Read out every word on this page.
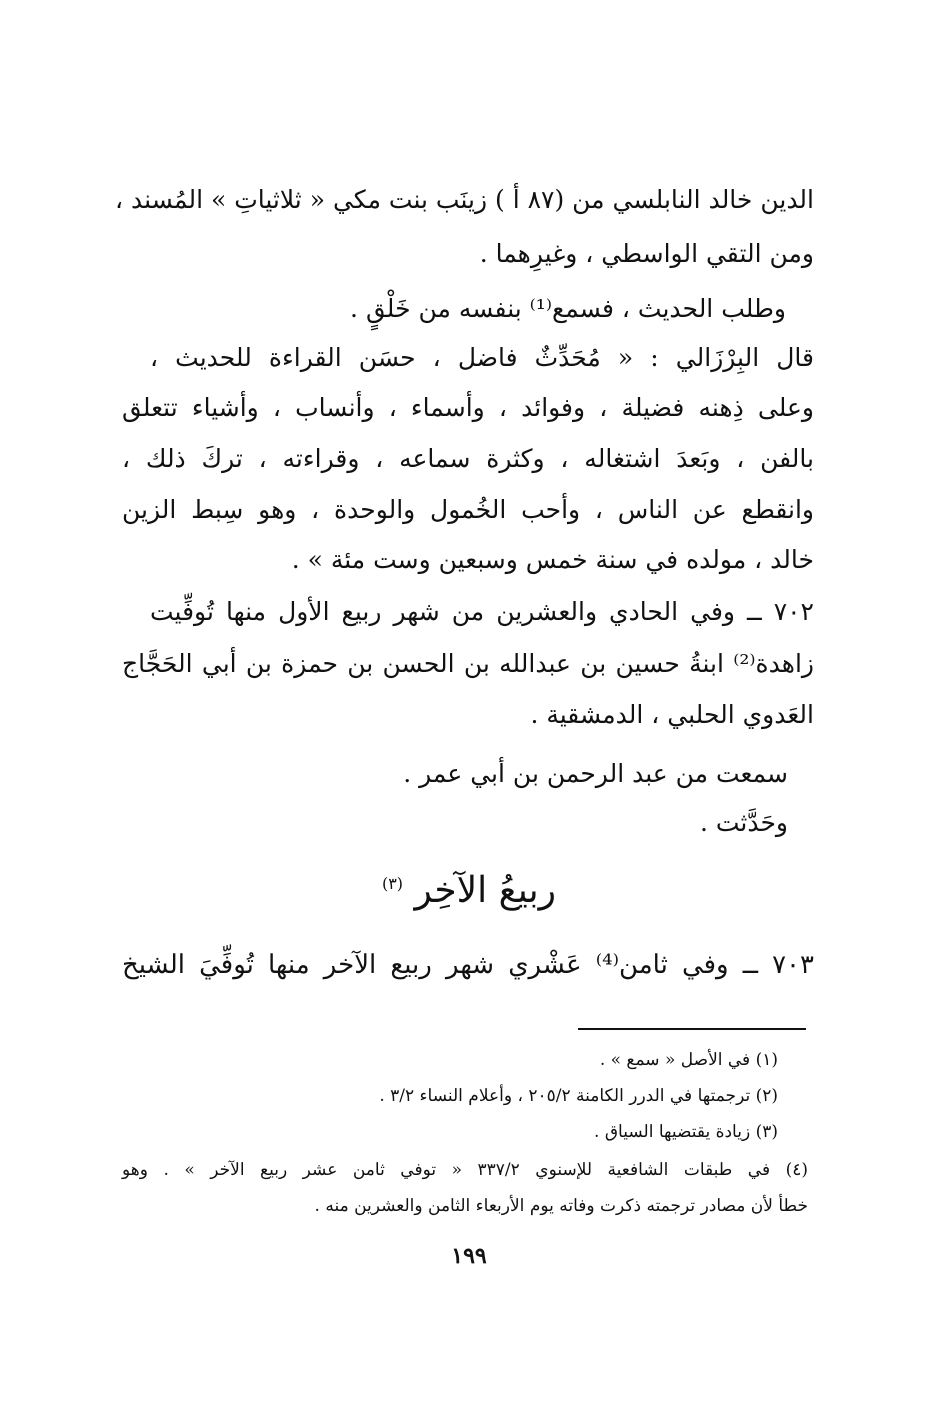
الدين خالد النابلسي من (٨٧ أ ) زينَب بنت مكي « ثلاثياتِ » المُسند ،
ومن التقي الواسطي ، وغيرِهما .
وطلب الحديث ، فسمع⁽¹⁾ بنفسه من خَلْقٍ .
قال البِرْزَالي : « مُحَدِّثٌ فاضل ، حسَن القراءة للحديث ،
وعلى ذِهنه فضيلة ، وفوائد ، وأسماء ، وأنساب ، وأشياء تتعلق
بالفن ، وبَعدَ اشتغاله ، وكثرة سماعه ، وقراءته ، تركَ ذلك ،
وانقطع عن الناس ، وأحب الخُمول والوحدة ، وهو سِبط الزين
خالد ، مولده في سنة خمس وسبعين وست مئة » .
٧٠٢ ــ وفي الحادي والعشرين من شهر ربيع الأول منها تُوفِّيت
زاهدة⁽²⁾ ابنةُ حسين بن عبدالله بن الحسن بن حمزة بن أبي الحَجَّاج
العَدوي الحلبي ، الدمشقية .
سمعت من عبد الرحمن بن أبي عمر .
وحَدَّثت .
ربيعُ الآخِر $^{(٣)}$
٧٠٣ ــ وفي ثامن⁽⁴⁾ عَشْري شهر ربيع الآخر منها تُوفِّيَ الشيخ
(١) في الأصل « سمع » .
(٢) ترجمتها في الدرر الكامنة ٢٠٥/٢ ، وأعلام النساء ٣/٢ .
(٣) زيادة يقتضيها السياق .
(٤) في طبقات الشافعية للإسنوي ٣٣٧/٢ « توفي ثامن عشر ربيع الآخر » . وهو
خطأ لأن مصادر ترجمته ذكرت وفاته يوم الأربعاء الثامن والعشرين منه .
١٩٩
